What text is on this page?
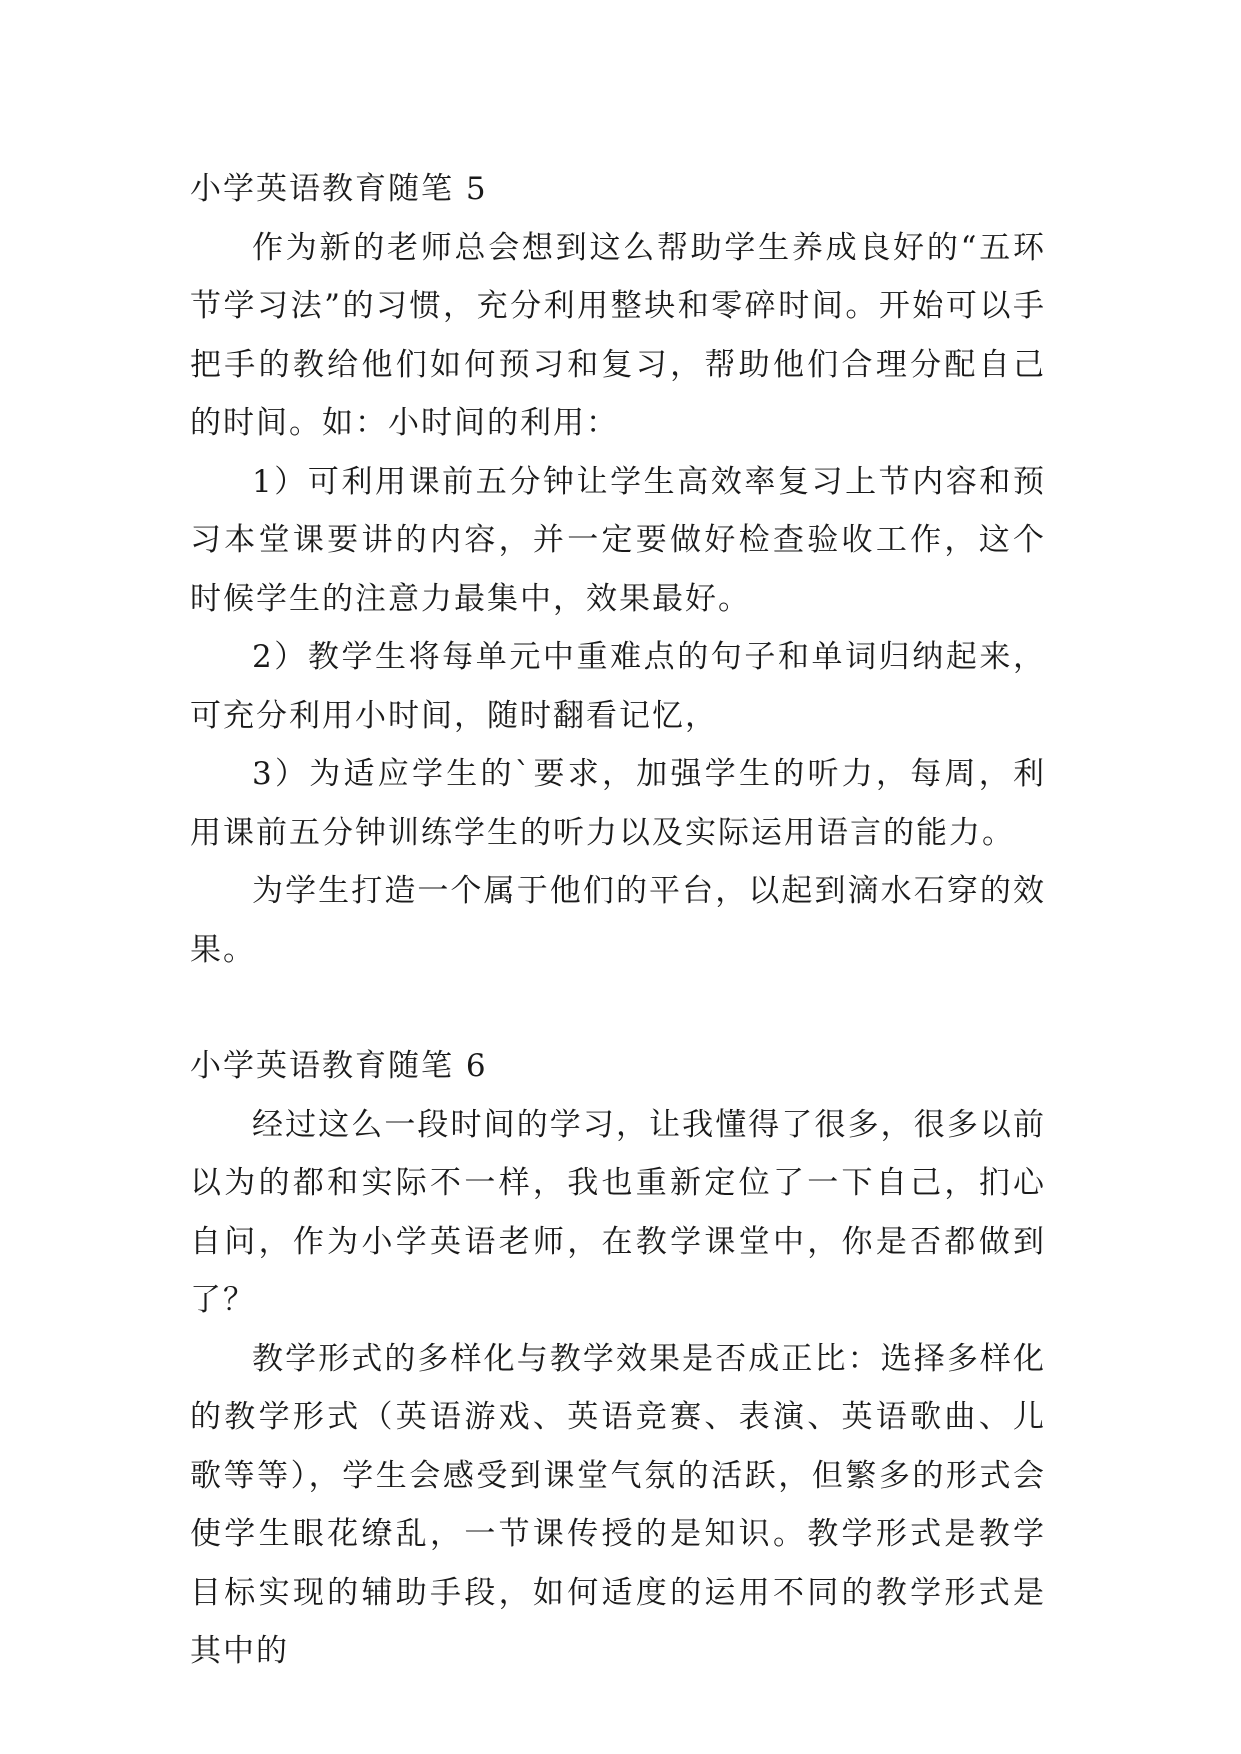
小学英语教育随笔 5

作为新的老师总会想到这么帮助学生养成良好的“五环节学习法”的习惯，充分利用整块和零碎时间。开始可以手把手的教给他们如何预习和复习，帮助他们合理分配自己的时间。如：小时间的利用：

1）可利用课前五分钟让学生高效率复习上节内容和预习本堂课要讲的内容，并一定要做好检查验收工作，这个时候学生的注意力最集中，效果最好。

2）教学生将每单元中重难点的句子和单词归纳起来，可充分利用小时间，随时翻看记忆，

3）为适应学生的`要求，加强学生的听力，每周，利用课前五分钟训练学生的听力以及实际运用语言的能力。

为学生打造一个属于他们的平台，以起到滴水石穿的效果。

小学英语教育随笔 6

经过这么一段时间的学习，让我懂得了很多，很多以前以为的都和实际不一样，我也重新定位了一下自己，扪心自问，作为小学英语老师，在教学课堂中，你是否都做到了？

教学形式的多样化与教学效果是否成正比：选择多样化的教学形式（英语游戏、英语竞赛、表演、英语歌曲、儿歌等等），学生会感受到课堂气氛的活跃，但繁多的形式会使学生眼花缭乱，一节课传授的是知识。教学形式是教学目标实现的辅助手段，如何适度的运用不同的教学形式是其中的
